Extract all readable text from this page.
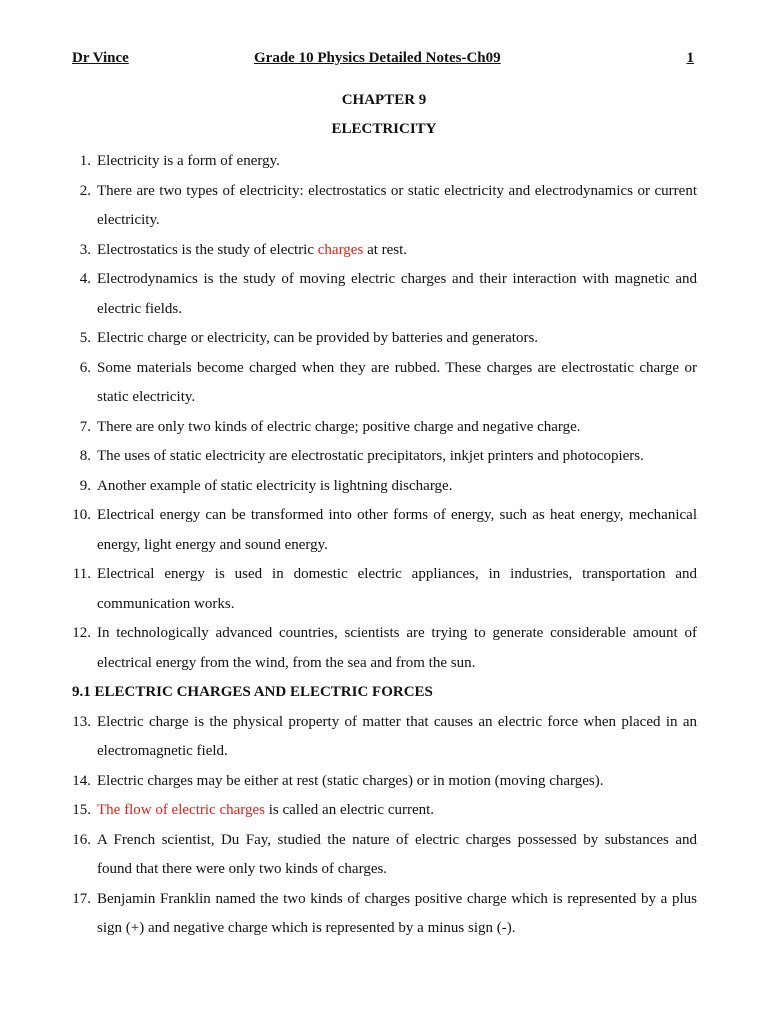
Dr Vince	Grade 10 Physics Detailed Notes-Ch09	1
CHAPTER 9
ELECTRICITY
1. Electricity is a form of energy.
2. There are two types of electricity: electrostatics or static electricity and electrodynamics or current electricity.
3. Electrostatics is the study of electric charges at rest.
4. Electrodynamics is the study of moving electric charges and their interaction with magnetic and electric fields.
5. Electric charge or electricity, can be provided by batteries and generators.
6. Some materials become charged when they are rubbed. These charges are electrostatic charge or static electricity.
7. There are only two kinds of electric charge; positive charge and negative charge.
8. The uses of static electricity are electrostatic precipitators, inkjet printers and photocopiers.
9. Another example of static electricity is lightning discharge.
10. Electrical energy can be transformed into other forms of energy, such as heat energy, mechanical energy, light energy and sound energy.
11. Electrical energy is used in domestic electric appliances, in industries, transportation and communication works.
12. In technologically advanced countries, scientists are trying to generate considerable amount of electrical energy from the wind, from the sea and from the sun.
9.1 ELECTRIC CHARGES AND ELECTRIC FORCES
13. Electric charge is the physical property of matter that causes an electric force when placed in an electromagnetic field.
14. Electric charges may be either at rest (static charges) or in motion (moving charges).
15. The flow of electric charges is called an electric current.
16. A French scientist, Du Fay, studied the nature of electric charges possessed by substances and found that there were only two kinds of charges.
17. Benjamin Franklin named the two kinds of charges positive charge which is represented by a plus sign (+) and negative charge which is represented by a minus sign (-).
